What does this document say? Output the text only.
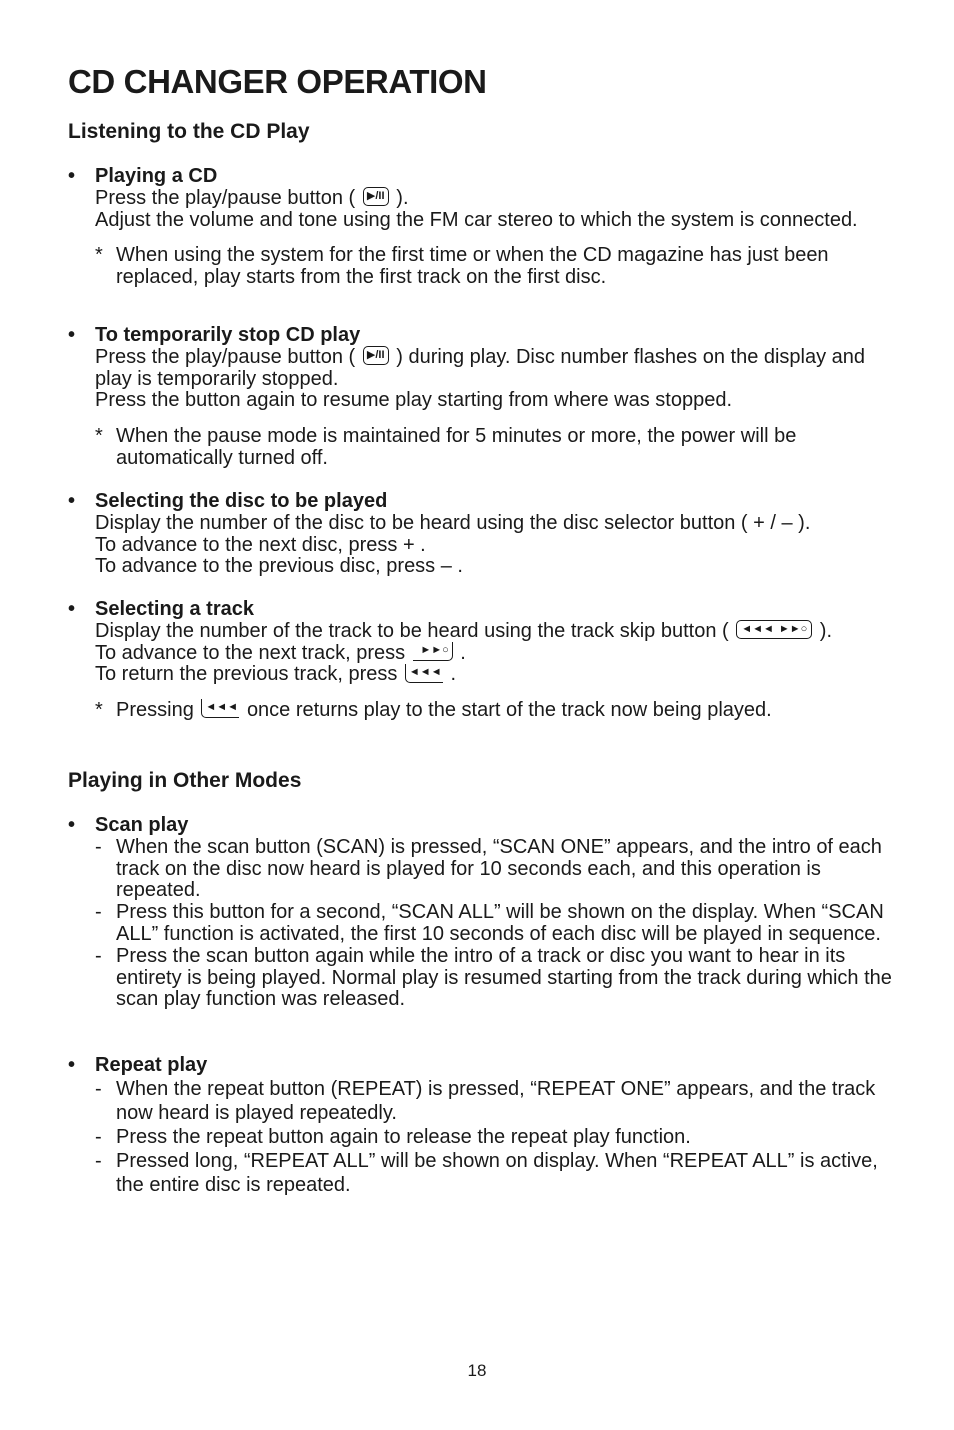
CD CHANGER OPERATION
Listening to the CD Play
• Playing a CD
Press the play/pause button ( ▶/II ).
Adjust the volume and tone using the FM car stereo to which the system is connected.
* When using the system for the first time or when the CD magazine has just been replaced, play starts from the first track on the first disc.
• To temporarily stop CD play
Press the play/pause button ( ▶/II ) during play. Disc number flashes on the display and play is temporarily stopped.
Press the button again to resume play starting from where was stopped.
* When the pause mode is maintained for 5 minutes or more, the power will be automatically turned off.
• Selecting the disc to be played
Display the number of the disc to be heard using the disc selector button ( + / – ).
To advance to the next disc, press + .
To advance to the previous disc, press – .
• Selecting a track
Display the number of the track to be heard using the track skip button ( ◄◄◄ ►►○ ).
To advance to the next track, press ►►○ .
To return the previous track, press ◄◄◄ .
* Pressing ◄◄◄ once returns play to the start of the track now being played.
Playing in Other Modes
• Scan play
- When the scan button (SCAN) is pressed, “SCAN ONE” appears, and the intro of each track on the disc now heard is played for 10 seconds each, and this operation is repeated.
- Press this button for a second, “SCAN ALL” will be shown on the display. When “SCAN ALL” function is activated, the first 10 seconds of each disc will be played in sequence.
- Press the scan button again while the intro of a track or disc you want to hear in its entirety is being played. Normal play is resumed starting from the track during which the scan play function was released.
• Repeat play
- When the repeat button (REPEAT) is pressed, “REPEAT ONE” appears, and the track now heard is played repeatedly.
- Press the repeat button again to release the repeat play function.
- Pressed long, “REPEAT ALL” will be shown on display. When “REPEAT ALL” is active, the entire disc is repeated.
18
